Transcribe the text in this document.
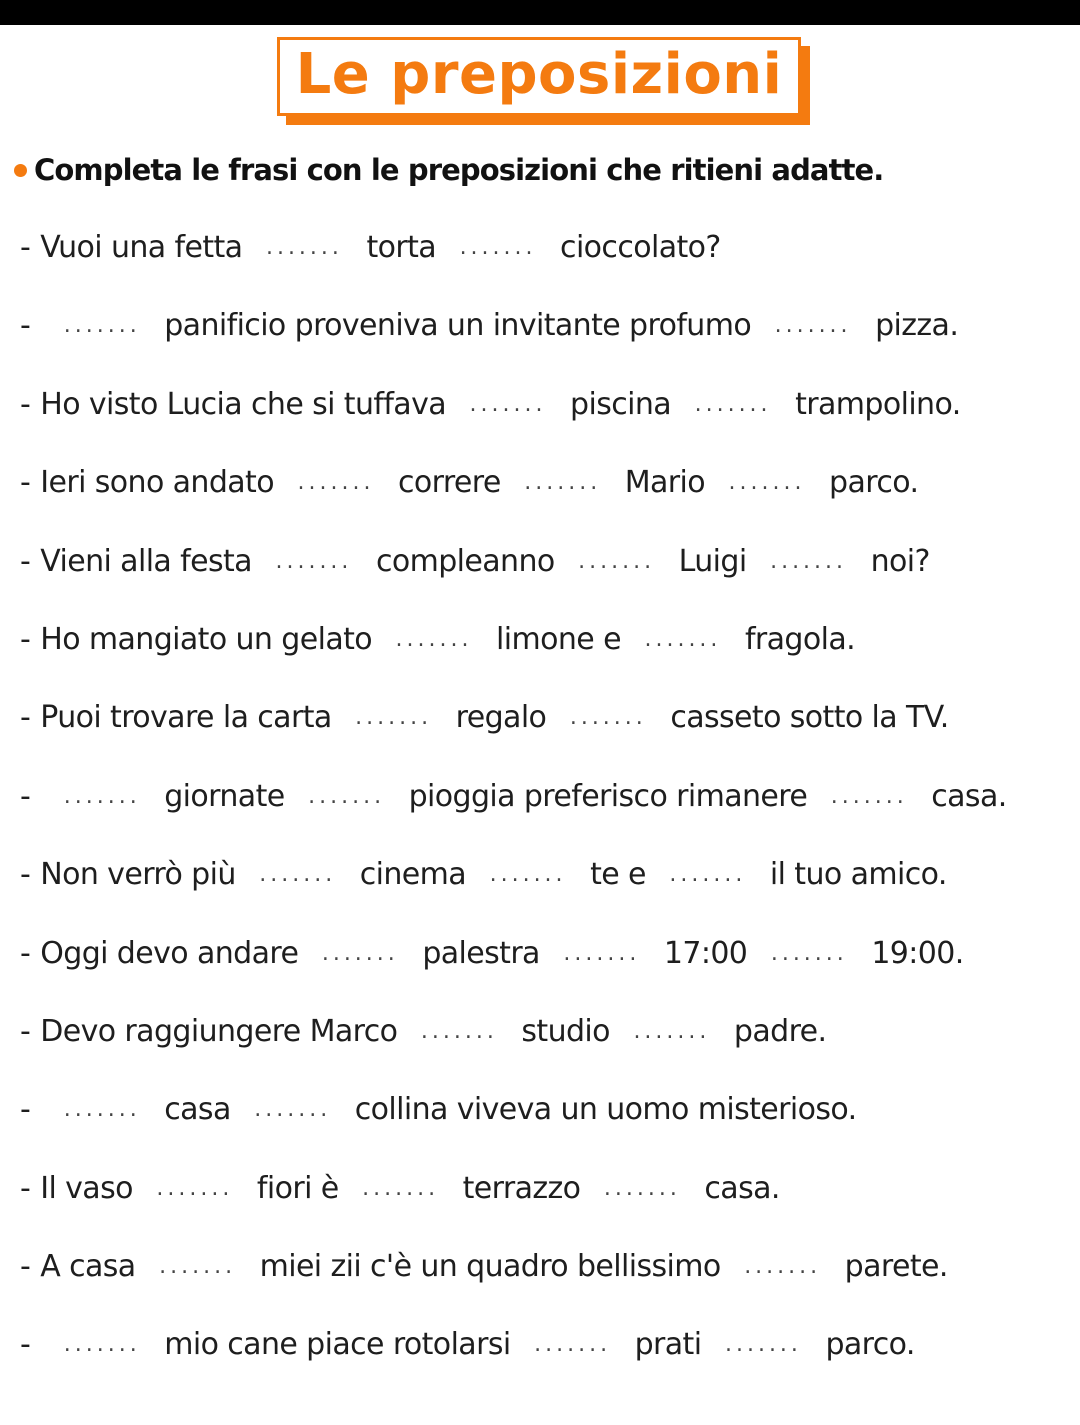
Le preposizioni
Completa le frasi con le preposizioni che ritieni adatte.
- Vuoi una fetta	....... torta	....... cioccolato?
-	....... panificio proveniva un invitante profumo	....... pizza.
- Ho visto Lucia che si tuffava	....... piscina	....... trampolino.
- Ieri sono andato	....... correre	....... Mario	....... parco.
- Vieni alla festa	....... compleanno	....... Luigi	....... noi?
- Ho mangiato un gelato	....... limone e	....... fragola.
- Puoi trovare la carta	....... regalo	....... casseto sotto la TV.
-	....... giornate	....... pioggia preferisco rimanere	....... casa.
- Non verrò più	....... cinema	....... te e	....... il tuo amico.
- Oggi devo andare	....... palestra	....... 17:00	....... 19:00.
- Devo raggiungere Marco	....... studio	....... padre.
-	....... casa	....... collina viveva un uomo misterioso.
- Il vaso	....... fiori è	....... terrazzo	....... casa.
- A casa	....... miei zii c'è un quadro bellissimo	....... parete.
-	....... mio cane piace rotolarsi	....... prati	....... parco.
